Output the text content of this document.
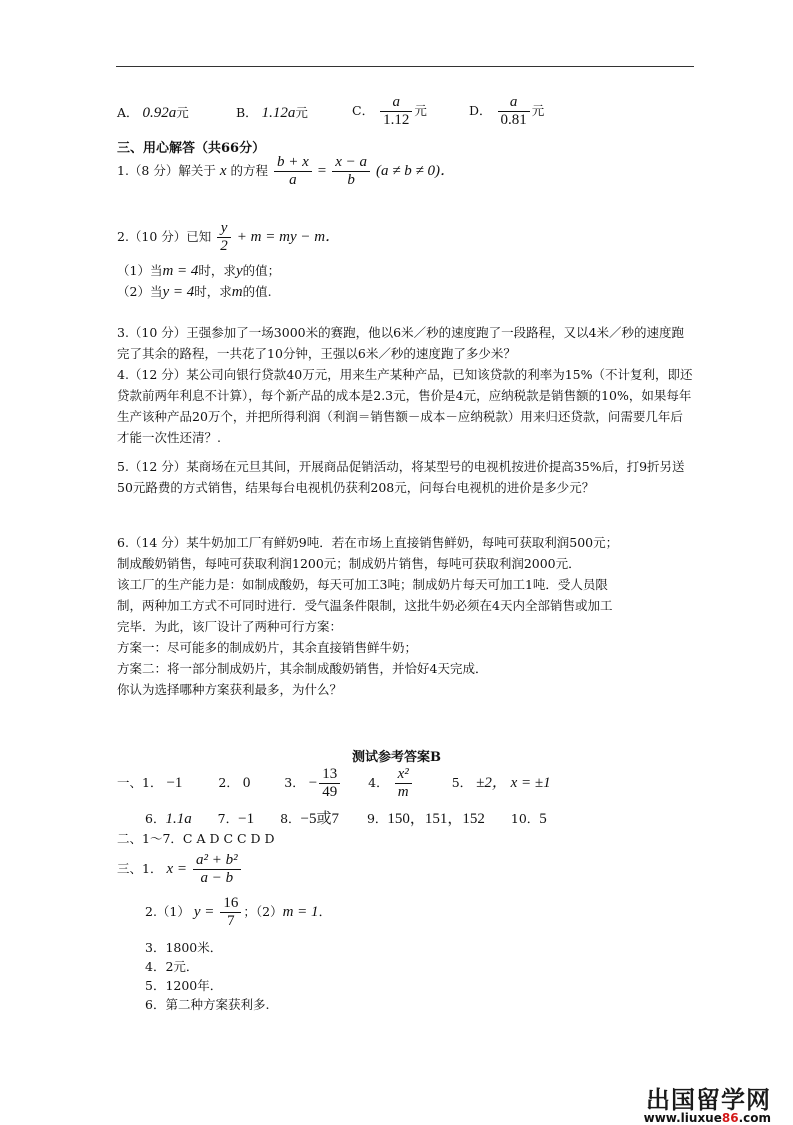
A． 0.92a元	B． 1.12a元	C． $\frac{a}{1.12}$ 元	D． $\frac{a}{0.81}$ 元
三、用心解答（共66分）
1.（8 分）解关于 x 的方程 $\frac{b + x}{a} = \frac{x - a}{b} (a \ne b \ne 0)$．
2.（10 分）已知 $\frac{y}{2} + m$ = my − m．
（1）当m = 4时，求y的值；
（2）当y = 4时，求m的值.
3.（10 分）王强参加了一场3000米的赛跑，他以6米／秒的速度跑了一段路程，又以4米／秒的速度跑完了其余的路程，一共花了10分钟，王强以6米／秒的速度跑了多少米？
4.（12 分）某公司向银行贷款40万元，用来生产某种产品，已知该贷款的利率为15%（不计复利，即还贷款前两年利息不计算），每个新产品的成本是2.3元，售价是4元，应纳税款是销售额的10%，如果每年生产该种产品20万个，并把所得利润（利润＝销售额－成本－应纳税款）用来归还贷款，问需要几年后才能一次性还清？.
5.（12 分）某商场在元旦其间，开展商品促销活动，将某型号的电视机按进价提高35%后，打9折另送50元路费的方式销售，结果每台电视机仍获利208元，问每台电视机的进价是多少元？
6.（14 分）某牛奶加工厂有鲜奶9吨．若在市场上直接销售鲜奶，每吨可获取利润500元；
制成酸奶销售，每吨可获取利润1200元；制成奶片销售，每吨可获取利润2000元．
该工厂的生产能力是：如制成酸奶，每天可加工3吨；制成奶片每天可加工1吨．受人员限
制，两种加工方式不可同时进行．受气温条件限制，这批牛奶必须在4天内全部销售或加工
完毕．为此，该厂设计了两种可行方案：
方案一：尽可能多的制成奶片，其余直接销售鲜牛奶；
方案二：将一部分制成奶片，其余制成酸奶销售，并恰好4天完成．
你认为选择哪种方案获利最多，为什么？
测试参考答案B
一、1． −1	2． 0	3． − $\frac{13}{49} 4$． $\frac{\text{x²}}{m}$	5． ±2， x = ±1
6．1.1a 7．−1 8．−5或7 9．150，151，152 10．5
二、1～7．C A D C C D D
三、1． $x = \frac{\text{a² + b²}}{a - b}$
2.（1） $y = \frac{16}{7}$ ；（2）m = 1．
3．1800米．
4．2元．
5．1200年．
6．第二种方案获利多.
出国留学网
www.liuxue86.com
